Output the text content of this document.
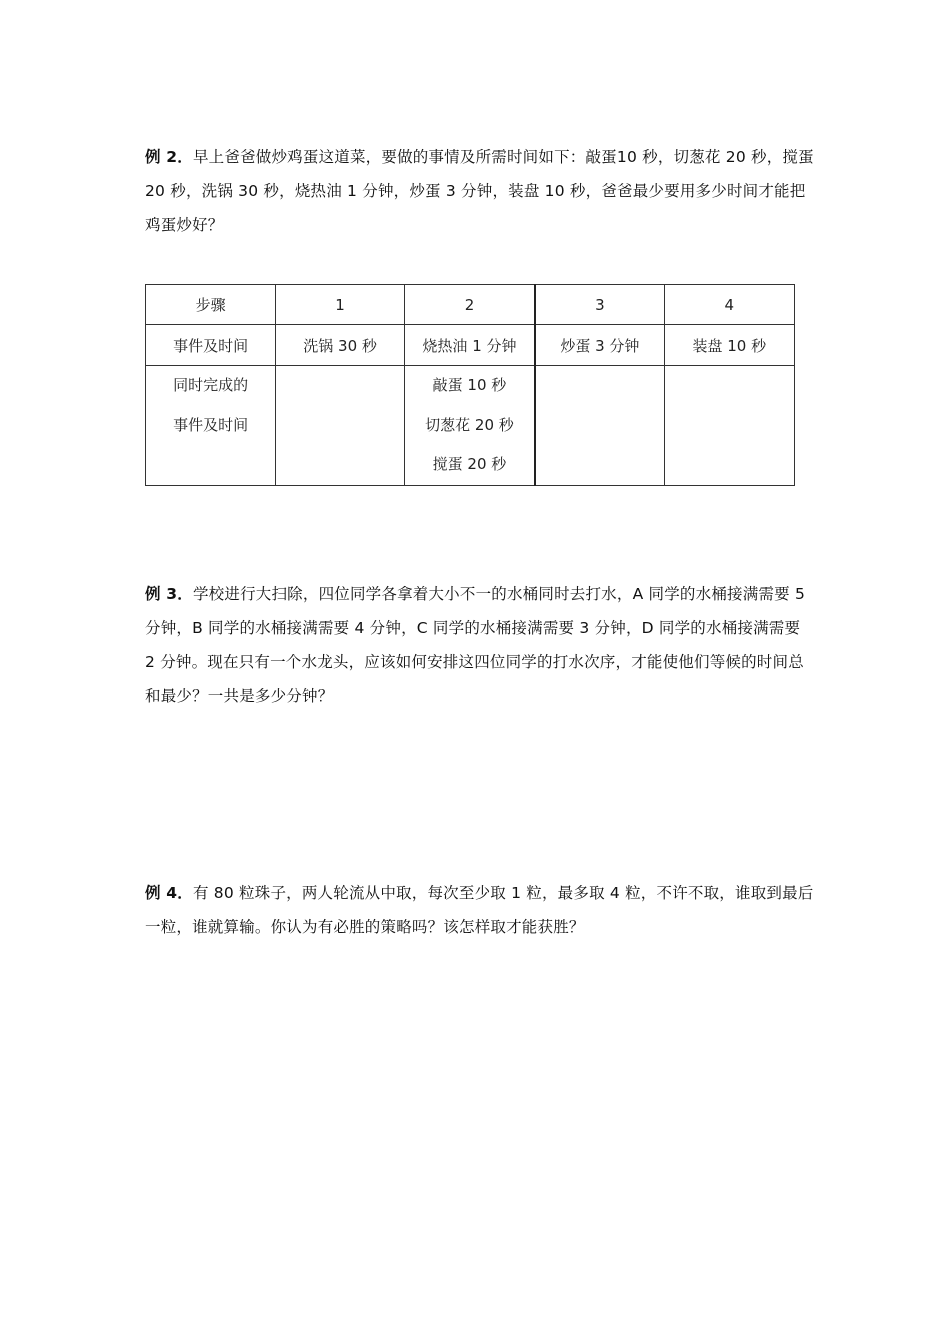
例 2．早上爸爸做炒鸡蛋这道菜，要做的事情及所需时间如下：敲蛋10 秒，切葱花 20 秒，搅蛋 20 秒，洗锅 30 秒，烧热油 1 分钟，炒蛋 3 分钟，装盘 10 秒，爸爸最少要用多少时间才能把鸡蛋炒好？
步骤	1	2	3	4
事件及时间	洗锅 30 秒	烧热油 1 分钟	炒蛋 3 分钟	装盘 10 秒

同时完成的
事件及时间		敲蛋 10 秒
切葱花 20 秒
搅蛋 20 秒		

例 3．学校进行大扫除，四位同学各拿着大小不一的水桶同时去打水，A 同学的水桶接满需要 5 分钟，B 同学的水桶接满需要 4 分钟，C 同学的水桶接满需要 3 分钟，D 同学的水桶接满需要 2 分钟。现在只有一个水龙头，应该如何安排这四位同学的打水次序，才能使他们等候的时间总和最少？一共是多少分钟？
例 4．有 80 粒珠子，两人轮流从中取，每次至少取 1 粒，最多取 4 粒，不许不取，谁取到最后一粒，谁就算输。你认为有必胜的策略吗？该怎样取才能获胜？
